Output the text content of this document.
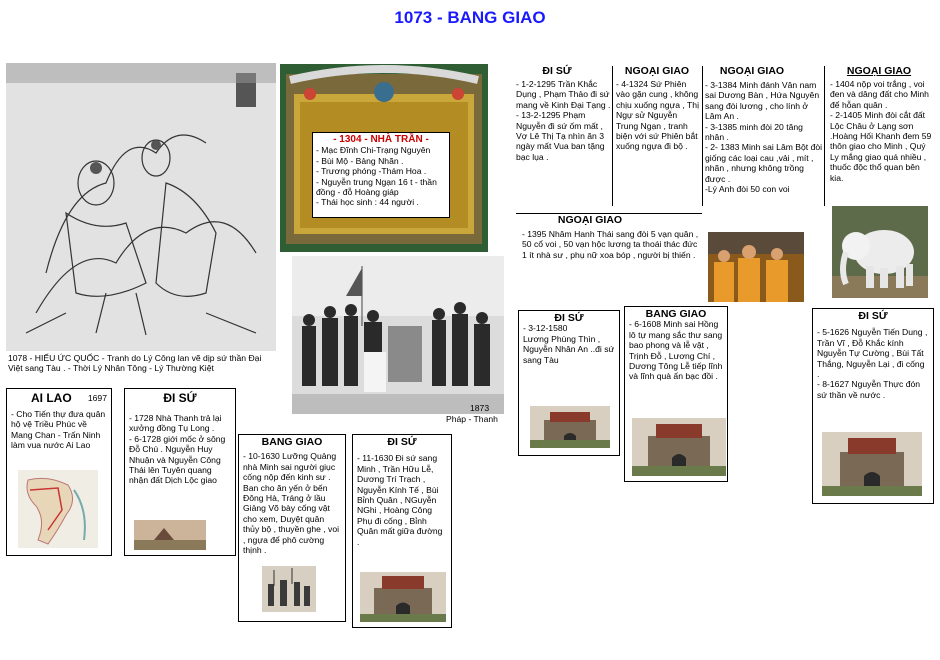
1073 - BANG GIAO
1078 - HIẾU ỨC QUỐC - Tranh do Lý Công lan vẽ dịp sứ thần Đại Việt sang Tàu . - Thời Lý Nhân Tông - Lý Thường Kiệt
- 1304 - NHÀ TRẦN -
- Mạc Đĩnh Chi-Trạng Nguyên
- Bùi Mộ - Bảng Nhãn .
- Trương phóng -Thám Hoa .
- Nguyễn trung Ngạn 16 t - thần đồng - đỗ Hoàng giáp
- Thái học sinh : 44 người .
1873
Pháp - Thanh
ĐI SỨ
- 1-2-1295 Trần Khắc Dụng , Phạm Thảo đi sứ mang về Kinh Đại Tạng .
- 13-2-1295 Phạm Nguyễn đi sứ ốm mất , Vợ Lê Thị Tạ nhìn ăn 3 ngày mất Vua ban tặng bạc lụa .
NGOẠI GIAO
- 4-1324 Sứ Phiên vào gặn cung , không chịu xuống ngựa , Thị Ngự sử Nguyễn Trung Ngạn , tranh biện với sứ Phiên bắt xuống ngựa đi bộ .
NGOẠI GIAO
- 3-1384 Minh đánh Vân nam sai Dương Bàn , Hứa Nguyên sang đòi lương , cho lính ở Lâm An .
- 3-1385 minh đòi 20 tăng nhân .
- 2- 1383 Minh sai Lâm Bột đòi giống các loại cau ,vải , mít , nhãn , nhưng không trồng được .
-Lý Anh đòi 50 con voi
NGOẠI GIAO
- 1404 nộp voi trắng , voi đen và dâng đất cho Minh để hỗan quân .
- 2-1405 Minh đòi cắt đất Lộc Châu ở Lạng sơn .Hoàng Hối Khanh đem 59 thôn giao cho Minh , Quý Ly mắng giao quá nhiều , thuốc độc thổ quan bên kia.
NGOẠI GIAO
- 1395 Nhâm Hanh Thái sang đòi 5 vạn quân , 50 cổ voi , 50 vạn hộc lương ta thoái thác đức 1 ít nhà sư , phụ nữ xoa bóp , người bị thiến .
ĐI SỨ
- 3-12-1580
Lương Phùng Thìn , Nguyễn Nhân An ..đi sứ sang Tàu
BANG GIAO
- 6-1608 Minh sai Hồng lô tự mang sắc thư sang bao phong và lễ vật , Trịnh Đỗ , Lương Chí , Dương Tông Lễ tiếp lĩnh và lĩnh quà ấn bạc đồi .
ĐI SỨ
- 5-1626 Nguyễn Tiến Dung , Trần Vĩ , Đỗ Khắc kính Nguyễn Tự Cường , Bùi Tất Thắng, Nguyễn Lại , đi cống .
- 8-1627 Nguyễn Thực đón sứ thần về nước .
AI LAO 1697
- Cho Tiến thự đưa quân hộ vệ Triều Phúc về Mang Chan - Trấn Ninh làm vua nước Ai Lao
ĐI SỨ
- 1728 Nhà Thanh trả lại xưởng đồng Tụ Long .
- 6-1728 giới mốc ở sông Đỗ Chú . Nguyễn Huy Nhuận và Nguyễn Công Thái lên Tuyên quang nhận đất Dịch Lộc giao
BANG GIAO
- 10-1630 Lưỡng Quảng nhà Minh sai người giục cống nộp đến kinh sư . Ban cho ăn yến ở bến Đông Hà, Tráng ở lầu Giảng Võ bày cống vật cho xem, Duyệt quân thủy bộ , thuyền ghe , voi , ngựa để phô cường thịnh .
ĐI SỨ
- 11-1630 Đi sứ sang Minh , Trần Hữu Lễ, Dương Trí Trạch , Nguyễn Kính Tế , Bùi Bỉnh Quân , NGuyễn NGhi , Hoàng Công Phụ đi cống , Bỉnh Quân mất giữa đường .
